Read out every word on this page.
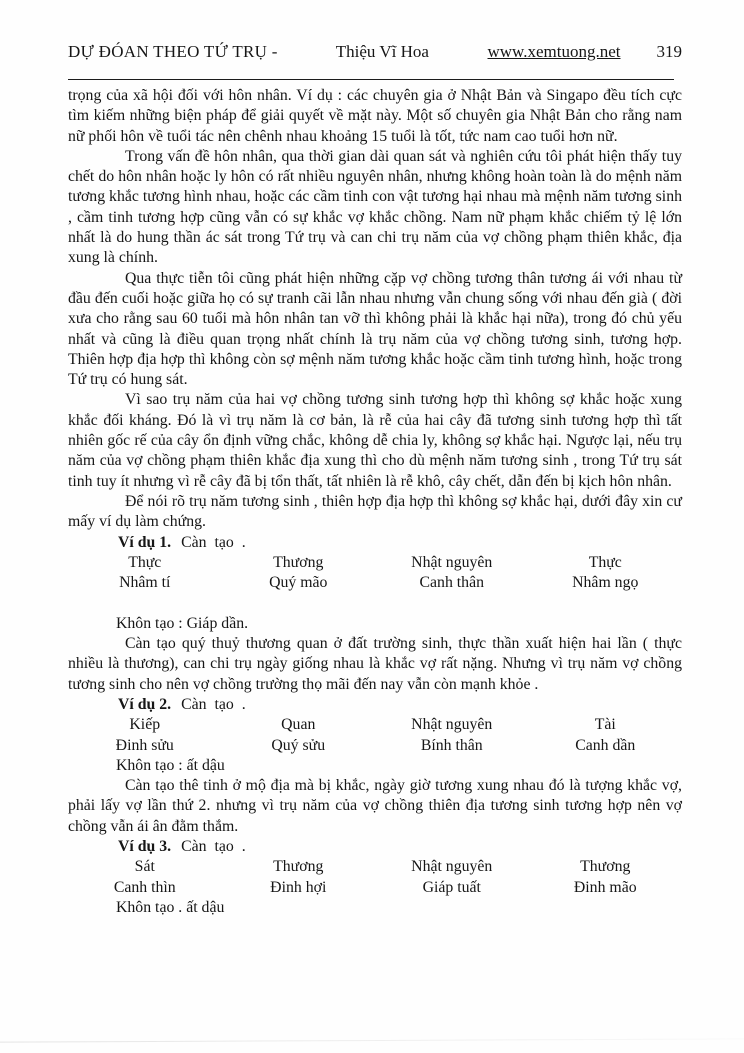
DỰ ĐÓAN THEO TỨ TRỤ -	Thiệu Vĩ Hoa	www.xemtuong.net 319

trọng của xã hội đối với hôn nhân. Ví dụ : các chuyên gia ở Nhật Bản và Singapo đều tích cực tìm kiếm những biện pháp để giải quyết về mặt này. Một số chuyên gia Nhật Bản cho rằng nam nữ phối hôn về tuổi tác nên chênh nhau khoảng 15 tuổi là tốt, tức nam cao tuổi hơn nữ.

Trong vấn đề hôn nhân, qua thời gian dài quan sát và nghiên cứu tôi phát hiện thấy tuy chết do hôn nhân hoặc ly hôn có rất nhiều nguyên nhân, nhưng không hoàn toàn là do mệnh năm tương khắc tương hình nhau, hoặc các cầm tinh con vật tương hại nhau mà mệnh năm tương sinh , cầm tinh tương hợp cũng vẫn có sự khắc vợ khắc chồng. Nam nữ phạm khắc chiếm tỷ lệ lớn nhất là do hung thần ác sát trong Tứ trụ và can chi trụ năm của vợ chồng phạm thiên khắc, địa xung là chính.

Qua thực tiễn tôi cũng phát hiện những cặp vợ chồng tương thân tương ái với nhau từ đầu đến cuối hoặc giữa họ có sự tranh cãi lẫn nhau nhưng vẫn chung sống với nhau đến già ( đời xưa cho rằng sau 60 tuổi mà hôn nhân tan vỡ thì không phải là khắc hại nữa), trong đó chủ yếu nhất và cũng là điều quan trọng nhất chính là trụ năm của vợ chồng tương sinh, tương hợp. Thiên hợp địa hợp thì không còn sợ mệnh năm tương khắc hoặc cầm tinh tương hình, hoặc trong Tứ trụ có hung sát.

Vì sao trụ năm của hai vợ chồng tương sinh tương hợp thì không sợ khắc hoặc xung khắc đối kháng. Đó là vì trụ năm là cơ bản, là rễ của hai cây đã tương sinh tương hợp thì tất nhiên gốc rế của cây ổn định vững chắc, không dễ chia ly, không sợ khắc hại. Ngược lại, nếu trụ năm của vợ chồng phạm thiên khắc địa xung thì cho dù mệnh năm tương sinh , trong Tứ trụ sát tinh tuy ít nhưng vì rễ cây đã bị tổn thất, tất nhiên là rễ khô, cây chết, dẫn đến bị kịch hôn nhân.

Để nói rõ trụ năm tương sinh , thiên hợp địa hợp thì không sợ khắc hại, dưới đây xin cư mấy ví dụ làm chứng.

Ví dụ 1. Càn tạo .

Thực	Thương	Nhật nguyên	Thực
Nhâm tí	Quý mão	Canh thân	Nhâm ngọ

Khôn tạo : Giáp dần.

Càn tạo quý thuỷ thương quan ở đất trường sinh, thực thần xuất hiện hai lần ( thực nhiều là thương), can chi trụ ngày giống nhau là khắc vợ rất nặng. Nhưng vì trụ năm vợ chồng tương sinh cho nên vợ chồng trường thọ mãi đến nay vẫn còn mạnh khỏe .

Ví dụ 2. Càn tạo .

Kiếp	Quan	Nhật nguyên	Tài
Đinh sửu	Quý sửu	Bính thân	Canh dần

Khôn tạo : ất dậu

Càn tạo thê tinh ở mộ địa mà bị khắc, ngày giờ tương xung nhau đó là tượng khắc vợ, phải lấy vợ lần thứ 2. nhưng vì trụ năm của vợ chồng thiên địa tương sinh tương hợp nên vợ chồng vẫn ái ân đằm thắm.

Ví dụ 3. Càn tạo .

Sát	Thương	Nhật nguyên	Thương
Canh thìn	Đinh hợi	Giáp tuất	Đinh mão

Khôn tạo . ất dậu
